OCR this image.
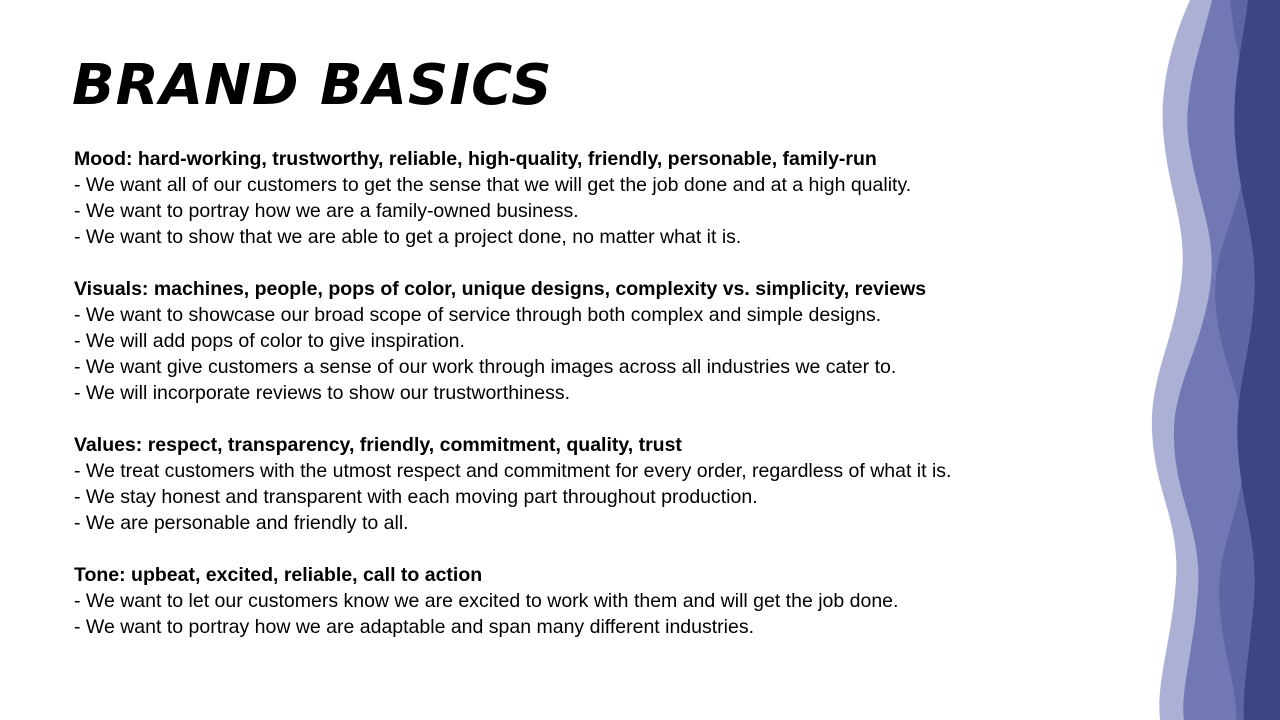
BRAND BASICS
Mood: hard-working, trustworthy, reliable, high-quality, friendly, personable, family-run
- We want all of our customers to get the sense that we will get the job done and at a high quality.
- We want to portray how we are a family-owned business.
- We want to show that we are able to get a project done, no matter what it is.
Visuals: machines, people, pops of color, unique designs, complexity vs. simplicity, reviews
- We want to showcase our broad scope of service through both complex and simple designs.
- We will add pops of color to give inspiration.
- We want give customers a sense of our work through images across all industries we cater to.
- We will incorporate reviews to show our trustworthiness.
Values: respect, transparency, friendly, commitment, quality, trust
- We treat customers with the utmost respect and commitment for every order, regardless of what it is.
- We stay honest and transparent with each moving part throughout production.
- We are personable and friendly to all.
Tone: upbeat, excited, reliable, call to action
- We want to let our customers know we are excited to work with them and will get the job done.
- We want to portray how we are adaptable and span many different industries.
